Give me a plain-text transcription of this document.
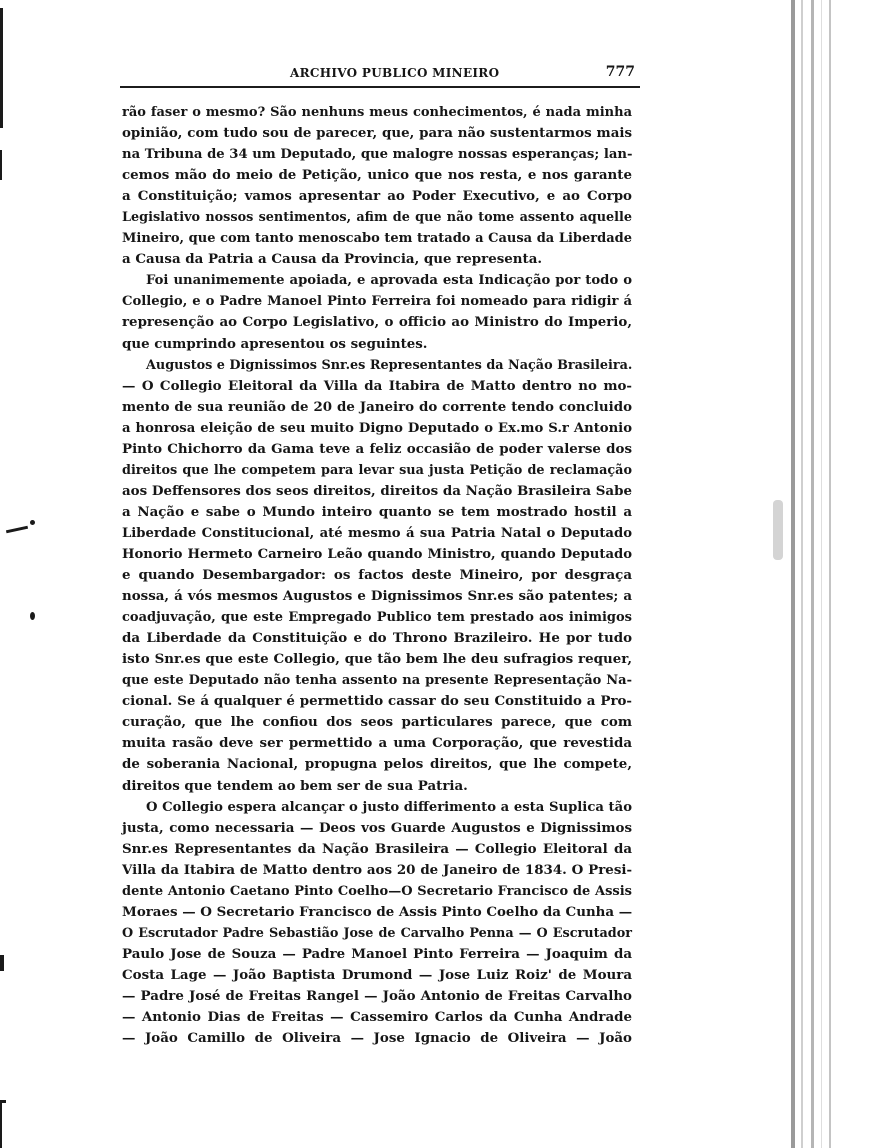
ARCHIVO PUBLICO MINEIRO	777
rão faser o mesmo? São nenhuns meus conhecimentos, é nada minha
opinião, com tudo sou de parecer, que, para não sustentarmos mais
na Tribuna de 34 um Deputado, que malogre nossas esperanças; lan-
cemos mão do meio de Petição, unico que nos resta, e nos garante
a Constituição; vamos apresentar ao Poder Executivo, e ao Corpo
Legislativo nossos sentimentos, afim de que não tome assento aquelle
Mineiro, que com tanto menoscabo tem tratado a Causa da Liberdade
a Causa da Patria a Causa da Provincia, que representa.
Foi unanimemente apoiada, e aprovada esta Indicação por todo o
Collegio, e o Padre Manoel Pinto Ferreira foi nomeado para ridigir á
represenção ao Corpo Legislativo, o officio ao Ministro do Imperio,
que cumprindo apresentou os seguintes.
Augustos e Dignissimos Snr.es Representantes da Nação Brasileira.
— O Collegio Eleitoral da Villa da Itabira de Matto dentro no mo-
mento de sua reunião de 20 de Janeiro do corrente tendo concluido
a honrosa eleição de seu muito Digno Deputado o Ex.mo S.r Antonio
Pinto Chichorro da Gama teve a feliz occasião de poder valerse dos
direitos que lhe competem para levar sua justa Petição de reclamação
aos Deffensores dos seos direitos, direitos da Nação Brasileira Sabe
a Nação e sabe o Mundo inteiro quanto se tem mostrado hostil a
Liberdade Constitucional, até mesmo á sua Patria Natal o Deputado
Honorio Hermeto Carneiro Leão quando Ministro, quando Deputado
e quando Desembargador: os factos deste Mineiro, por desgraça
nossa, á vós mesmos Augustos e Dignissimos Snr.es são patentes; a
coadjuvação, que este Empregado Publico tem prestado aos inimigos
da Liberdade da Constituição e do Throno Brazileiro. He por tudo
isto Snr.es que este Collegio, que tão bem lhe deu sufragios requer,
que este Deputado não tenha assento na presente Representação Na-
cional. Se á qualquer é permettido cassar do seu Constituido a Pro-
curação, que lhe confiou dos seos particulares parece, que com
muita rasão deve ser permettido a uma Corporação, que revestida
de soberania Nacional, propugna pelos direitos, que lhe compete,
direitos que tendem ao bem ser de sua Patria.
O Collegio espera alcançar o justo differimento a esta Suplica tão
justa, como necessaria — Deos vos Guarde Augustos e Dignissimos
Snr.es Representantes da Nação Brasileira — Collegio Eleitoral da
Villa da Itabira de Matto dentro aos 20 de Janeiro de 1834. O Presi-
dente Antonio Caetano Pinto Coelho—O Secretario Francisco de Assis
Moraes — O Secretario Francisco de Assis Pinto Coelho da Cunha —
O Escrutador Padre Sebastião Jose de Carvalho Penna — O Escrutador
Paulo Jose de Souza — Padre Manoel Pinto Ferreira — Joaquim da
Costa Lage — João Baptista Drumond — Jose Luiz Roiz' de Moura
— Padre José de Freitas Rangel — João Antonio de Freitas Carvalho
— Antonio Dias de Freitas — Cassemiro Carlos da Cunha Andrade
— João Camillo de Oliveira — Jose Ignacio de Oliveira — João
